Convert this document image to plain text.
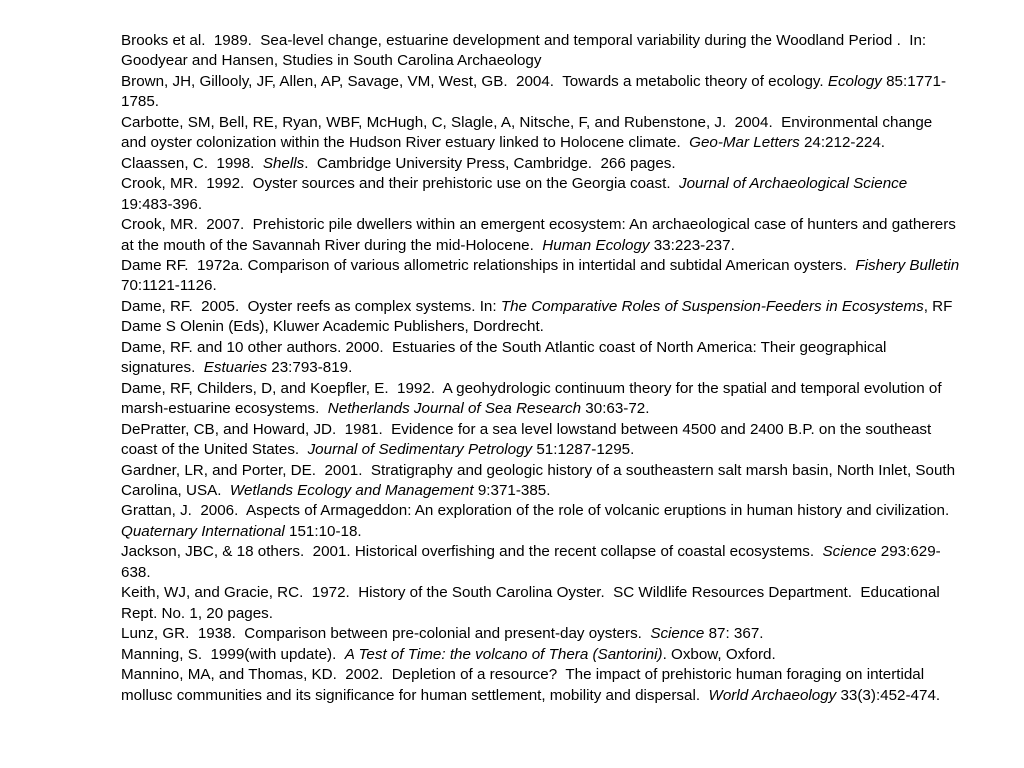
Brooks et al.  1989.  Sea-level change, estuarine development and temporal variability during the Woodland Period .  In: Goodyear and Hansen, Studies in South Carolina Archaeology

Brown, JH, Gillooly, JF, Allen, AP, Savage, VM, West, GB.  2004.  Towards a metabolic theory of ecology. Ecology 85:1771-1785.

Carbotte, SM, Bell, RE, Ryan, WBF, McHugh, C, Slagle, A, Nitsche, F, and Rubenstone, J.  2004.  Environmental change and oyster colonization within the Hudson River estuary linked to Holocene climate.  Geo-Mar Letters 24:212-224.

Claassen, C.  1998.  Shells.  Cambridge University Press, Cambridge.  266 pages.

Crook, MR.  1992.  Oyster sources and their prehistoric use on the Georgia coast.  Journal of Archaeological Science 19:483-396.

Crook, MR.  2007.  Prehistoric pile dwellers within an emergent ecosystem: An archaeological case of hunters and gatherers at the mouth of the Savannah River during the mid-Holocene.  Human Ecology 33:223-237.

Dame RF.  1972a. Comparison of various allometric relationships in intertidal and subtidal American oysters.  Fishery Bulletin 70:1121-1126.

Dame, RF.  2005.  Oyster reefs as complex systems. In: The Comparative Roles of Suspension-Feeders in Ecosystems, RF Dame S Olenin (Eds), Kluwer Academic Publishers, Dordrecht.

Dame, RF. and 10 other authors. 2000.  Estuaries of the South Atlantic coast of North America: Their geographical signatures.  Estuaries 23:793-819.

Dame, RF, Childers, D, and Koepfler, E.  1992.  A geohydrologic continuum theory for the spatial and temporal evolution of marsh-estuarine ecosystems.  Netherlands Journal of Sea Research 30:63-72.

DePratter, CB, and Howard, JD.  1981.  Evidence for a sea level lowstand between 4500 and 2400 B.P. on the southeast coast of the United States.  Journal of Sedimentary Petrology 51:1287-1295.

Gardner, LR, and Porter, DE.  2001.  Stratigraphy and geologic history of a southeastern salt marsh basin, North Inlet, South Carolina, USA.  Wetlands Ecology and Management 9:371-385.

Grattan, J.  2006.  Aspects of Armageddon: An exploration of the role of volcanic eruptions in human history and civilization.  Quaternary International 151:10-18.

Jackson, JBC, & 18 others.  2001. Historical overfishing and the recent collapse of coastal ecosystems.  Science 293:629-638.

Keith, WJ, and Gracie, RC.  1972.  History of the South Carolina Oyster.  SC Wildlife Resources Department.  Educational Rept. No. 1, 20 pages.

Lunz, GR.  1938.  Comparison between pre-colonial and present-day oysters.  Science 87: 367.

Manning, S.  1999(with update).  A Test of Time: the volcano of Thera (Santorini). Oxbow, Oxford.

Mannino, MA, and Thomas, KD.  2002.  Depletion of a resource?  The impact of prehistoric human foraging on intertidal mollusc communities and its significance for human settlement, mobility and dispersal.  World Archaeology 33(3):452-474.
